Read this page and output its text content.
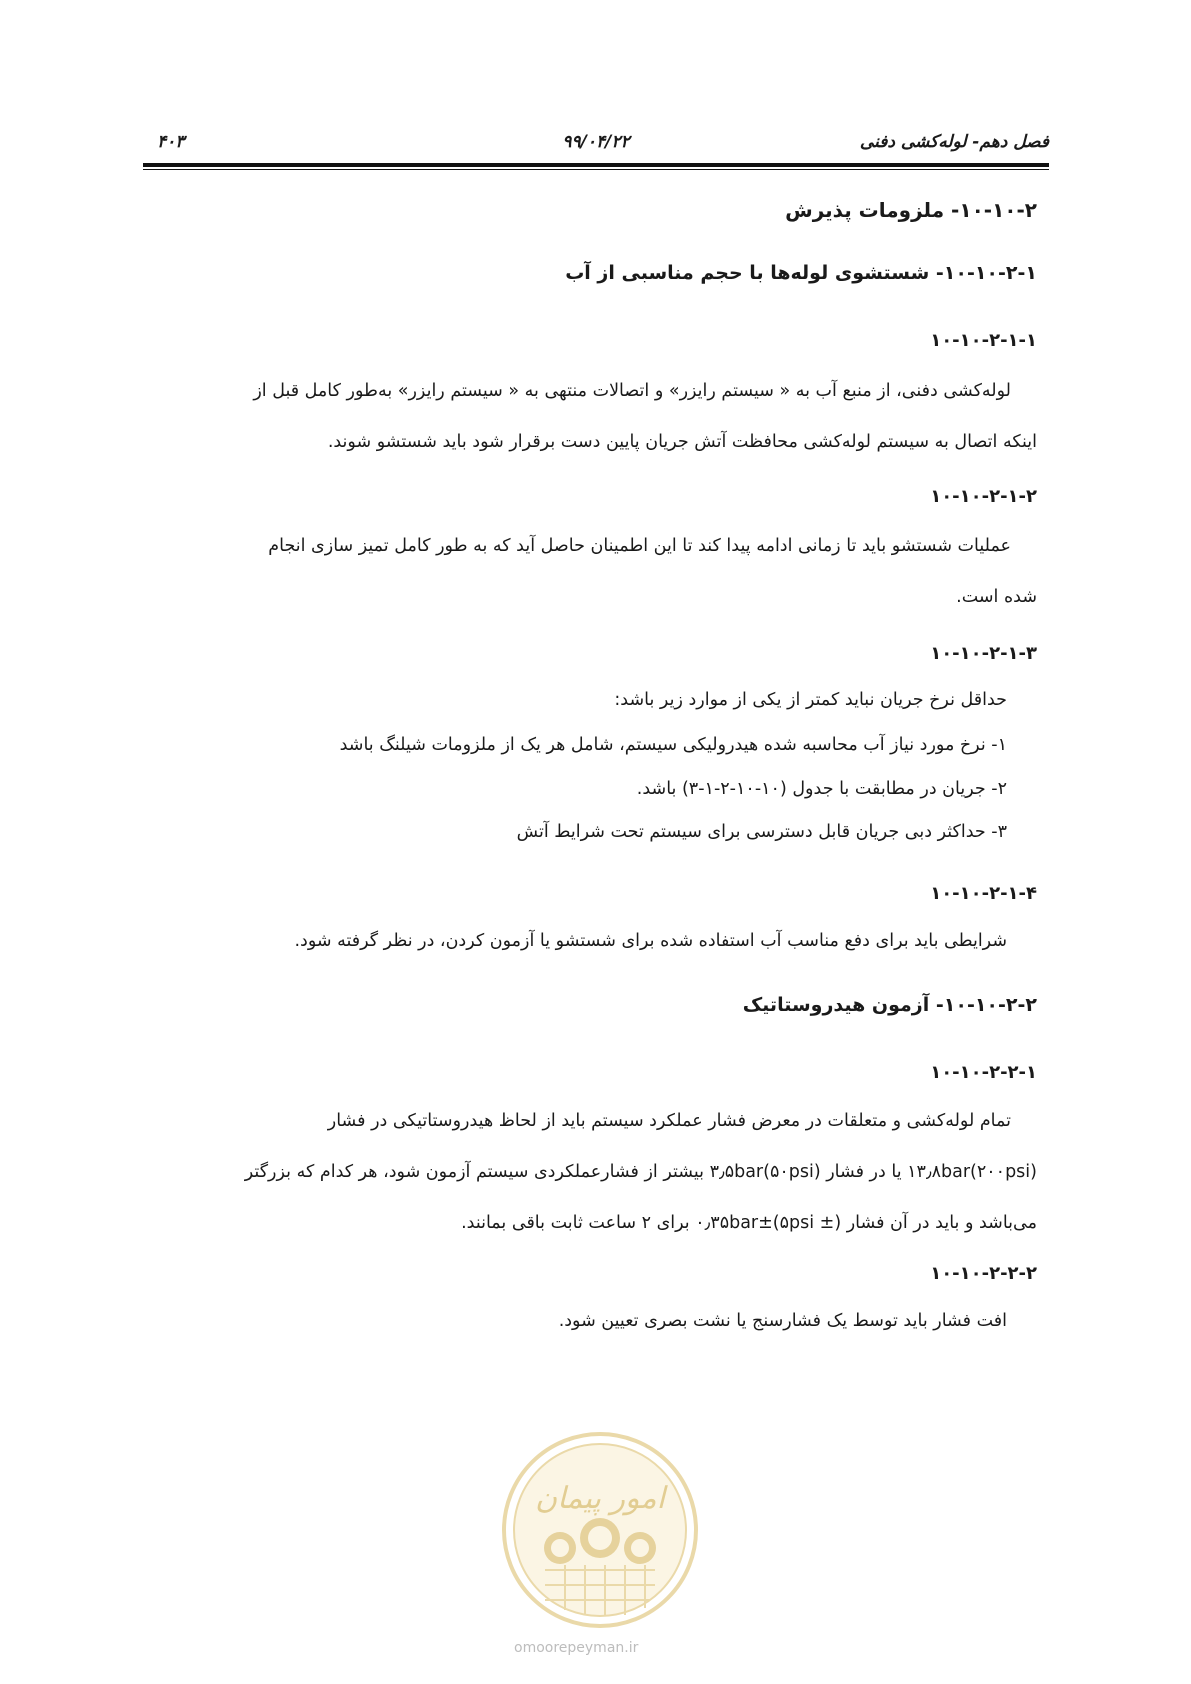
فصل دهم- لوله‌کشی دفنی
۹۹/۰۴/۲۲
۴۰۳
۱۰-۱۰-۲- ملزومات پذیرش
۱۰-۱۰-۲-۱- شستشوی لوله‌ها با حجم مناسبی از آب
۱۰-۱۰-۲-۱-۱
لوله‌کشی دفنی، از منبع آب به « سیستم رایزر» و اتصالات منتهی به « سیستم رایزر» به‌طور کامل قبل از
اینکه اتصال به سیستم لوله‌کشی محافظت آتش جریان پایین دست برقرار شود باید شستشو شوند.
۱۰-۱۰-۲-۱-۲
عملیات شستشو باید تا زمانی ادامه پیدا کند تا این اطمینان حاصل آید که به طور کامل تمیز سازی انجام
شده است.
۱۰-۱۰-۲-۱-۳
حداقل نرخ جریان نباید کمتر از یکی از موارد زیر باشد:
۱- نرخ مورد نیاز آب محاسبه شده هیدرولیکی سیستم، شامل هر یک از ملزومات شیلنگ باشد
۲- جریان در مطابقت با جدول (۱۰-۱۰-۲-۱-۳) باشد.
۳- حداکثر دبی جریان قابل دسترسی برای سیستم تحت شرایط آتش
۱۰-۱۰-۲-۱-۴
شرایطی باید برای دفع مناسب آب استفاده شده برای شستشو یا آزمون کردن، در نظر گرفته شود.
۱۰-۱۰-۲-۲- آزمون هیدروستاتیک
۱۰-۱۰-۲-۲-۱
تمام لوله‌کشی و متعلقات در معرض فشار عملکرد سیستم باید از لحاظ هیدروستاتیکی در فشار
۱۳٫۸bar(۲۰۰psi) یا در فشار ۳٫۵bar(۵۰psi) بیشتر از فشارعملکردی سیستم آزمون شود، هر کدام که بزرگتر
می‌باشد و باید در آن فشار ۰٫۳۵bar±(۵psi ±) برای ۲ ساعت ثابت باقی بمانند.
۱۰-۱۰-۲-۲-۲
افت فشار باید توسط یک فشارسنج یا نشت بصری تعیین شود.
امور پیمان
omoorepeyman.ir
